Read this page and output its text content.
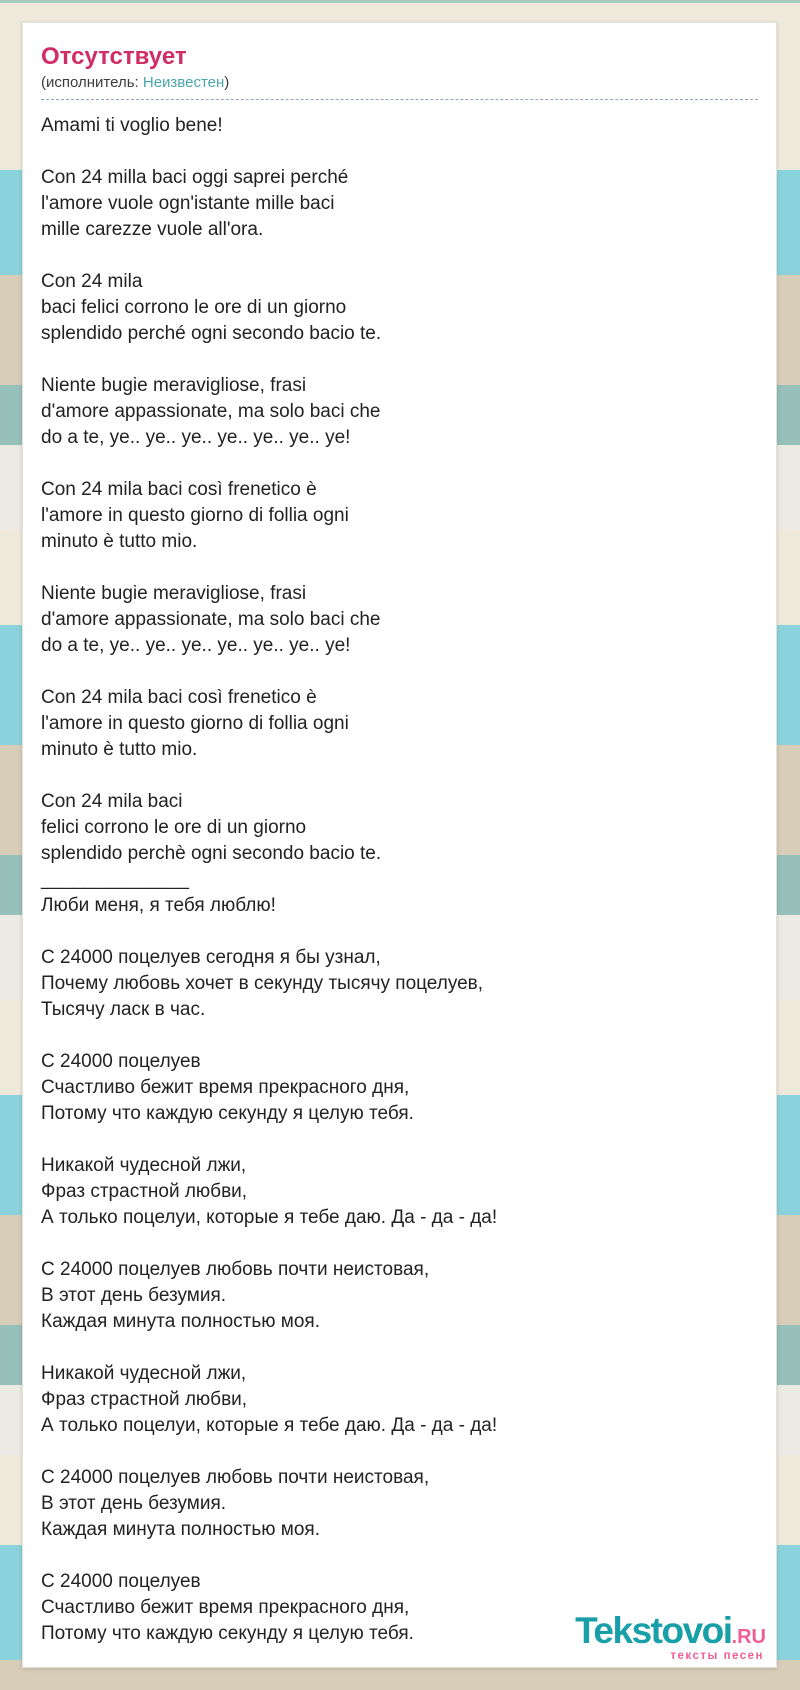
Отсутствует
(исполнитель: Неизвестен)
Amami ti voglio bene!
Con 24 milla baci oggi saprei perché
l'amore vuole ogn'istante mille baci
mille carezze vuole all'ora.
Con 24 mila
baci felici corrono le ore di un giorno
splendido perché ogni secondo bacio te.
Niente bugie meravigliose, frasi
d'amore appassionate, ma solo baci che
do a te, ye.. ye.. ye.. ye.. ye.. ye.. ye!
Con 24 mila baci così frenetico è
l'amore in questo giorno di follia ogni
minuto è tutto mio.
Niente bugie meravigliose, frasi
d'amore appassionate, ma solo baci che
do a te, ye.. ye.. ye.. ye.. ye.. ye.. ye!
Con 24 mila baci così frenetico è
l'amore in questo giorno di follia ogni
minuto è tutto mio.
Con 24 mila baci
felici corrono le ore di un giorno
splendido perchè ogni secondo bacio te.
______________
Люби меня, я тебя люблю!
С 24000 поцелуев сегодня я бы узнал,
Почему любовь хочет в секунду тысячу поцелуев,
Тысячу ласк в час.
С 24000 поцелуев
Счастливо бежит время прекрасного дня,
Потому что каждую секунду я целую тебя.
Никакой чудесной лжи,
Фраз страстной любви,
А только поцелуи, которые я тебе даю. Да - да - да!
С 24000 поцелуев любовь почти неистовая,
В этот день безумия.
Каждая минута полностью моя.
Никакой чудесной лжи,
Фраз страстной любви,
А только поцелуи, которые я тебе даю. Да - да - да!
С 24000 поцелуев любовь почти неистовая,
В этот день безумия.
Каждая минута полностью моя.
С 24000 поцелуев
Счастливо бежит время прекрасного дня,
Потому что каждую секунду я целую тебя.	Tekstovoi.RU
тексты песен
